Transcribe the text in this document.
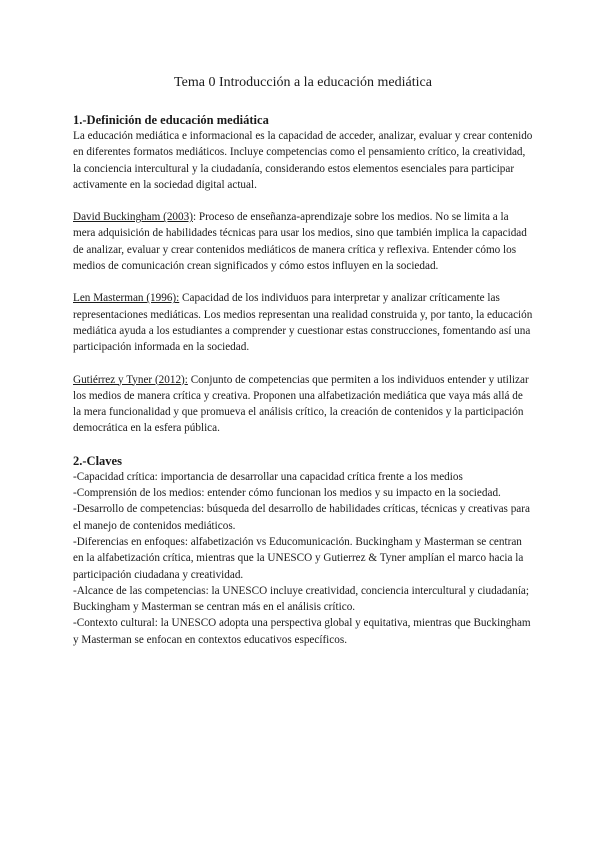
Tema 0 Introducción a la educación mediática
1.-Definición de educación mediática

La educación mediática e informacional es la capacidad de acceder, analizar, evaluar y crear contenido en diferentes formatos mediáticos. Incluye competencias como el pensamiento crítico, la creatividad, la conciencia intercultural y la ciudadanía, considerando estos elementos esenciales para participar activamente en la sociedad digital actual.

David Buckingham (2003): Proceso de enseñanza-aprendizaje sobre los medios. No se limita a la mera adquisición de habilidades técnicas para usar los medios, sino que también implica la capacidad de analizar, evaluar y crear contenidos mediáticos de manera crítica y reflexiva. Entender cómo los medios de comunicación crean significados y cómo estos influyen en la sociedad.

Len Masterman (1996): Capacidad de los individuos para interpretar y analizar críticamente las representaciones mediáticas. Los medios representan una realidad construida y, por tanto, la educación mediática ayuda a los estudiantes a comprender y cuestionar estas construcciones, fomentando así una participación informada en la sociedad.

Gutiérrez y Tyner (2012): Conjunto de competencias que permiten a los individuos entender y utilizar los medios de manera crítica y creativa. Proponen una alfabetización mediática que vaya más allá de la mera funcionalidad y que promueva el análisis crítico, la creación de contenidos y la participación democrática en la esfera pública.

2.-Claves

-Capacidad crítica: importancia de desarrollar una capacidad crítica frente a los medios

-Comprensión de los medios: entender cómo funcionan los medios y su impacto en la sociedad.

-Desarrollo de competencias: búsqueda del desarrollo de habilidades críticas, técnicas y creativas para el manejo de contenidos mediáticos.

-Diferencias en enfoques: alfabetización vs Educomunicación. Buckingham y Masterman se centran en la alfabetización crítica, mientras que la UNESCO y Gutierrez & Tyner amplían el marco hacia la participación ciudadana y creatividad.

-Alcance de las competencias: la UNESCO incluye creatividad, conciencia intercultural y ciudadanía; Buckingham y Masterman se centran más en el análisis crítico.

-Contexto cultural: la UNESCO adopta una perspectiva global y equitativa, mientras que Buckingham y Masterman se enfocan en contextos educativos específicos.
